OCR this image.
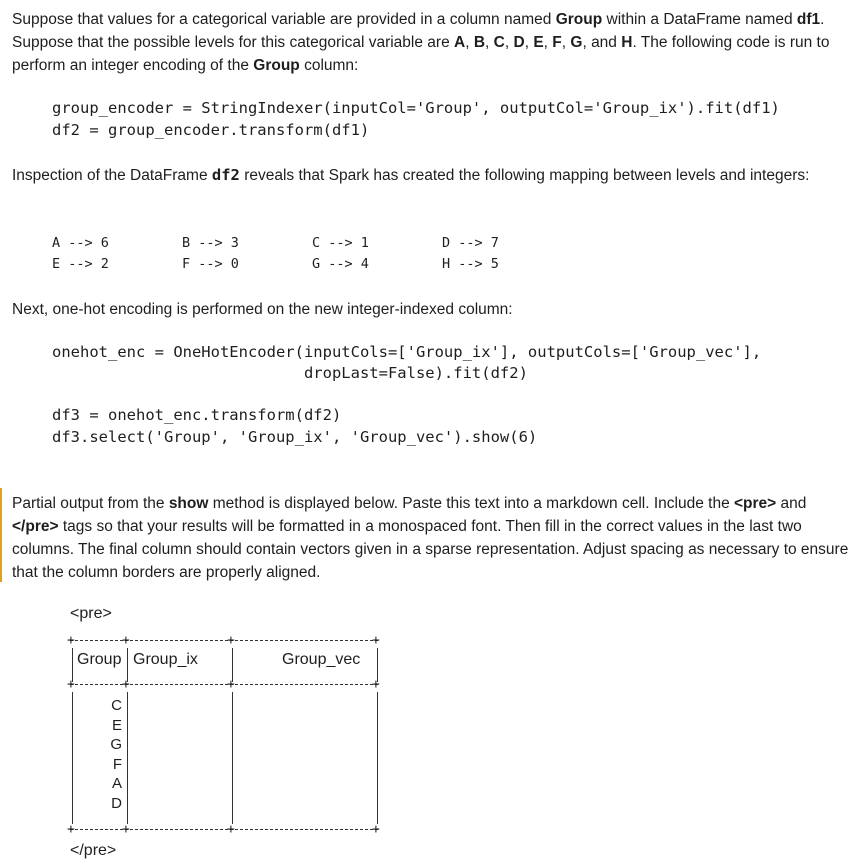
Suppose that values for a categorical variable are provided in a column named Group within a DataFrame named df1. Suppose that the possible levels for this categorical variable are A, B, C, D, E, F, G, and H. The following code is run to perform an integer encoding of the Group column:

group_encoder = StringIndexer(inputCol='Group', outputCol='Group_ix').fit(df1)
df2 = group_encoder.transform(df1)

Inspection of the DataFrame df2 reveals that Spark has created the following mapping between levels and integers:

A --> 6	B --> 3	C --> 1	D --> 7
E --> 2	F --> 0	G --> 4	H --> 5

Next, one-hot encoding is performed on the new integer-indexed column:

onehot_enc = OneHotEncoder(inputCols=['Group_ix'], outputCols=['Group_vec'],
dropLast=False).fit(df2)
df3 = onehot_enc.transform(df2)
df3.select('Group', 'Group_ix', 'Group_vec').show(6)

Partial output from the show method is displayed below. Paste this text into a markdown cell. Include the <pre> and </pre> tags so that your results will be formatted in a monospaced font. Then fill in the correct values in the last two columns. The final column should contain vectors given in a sparse representation. Adjust spacing as necessary to ensure that the column borders are properly aligned.

<pre>
+	+	+	+
+	+	+	+
+	+	+	+
Group Group_ix	Group_vec
C
E
G
F
A
D
</pre>
